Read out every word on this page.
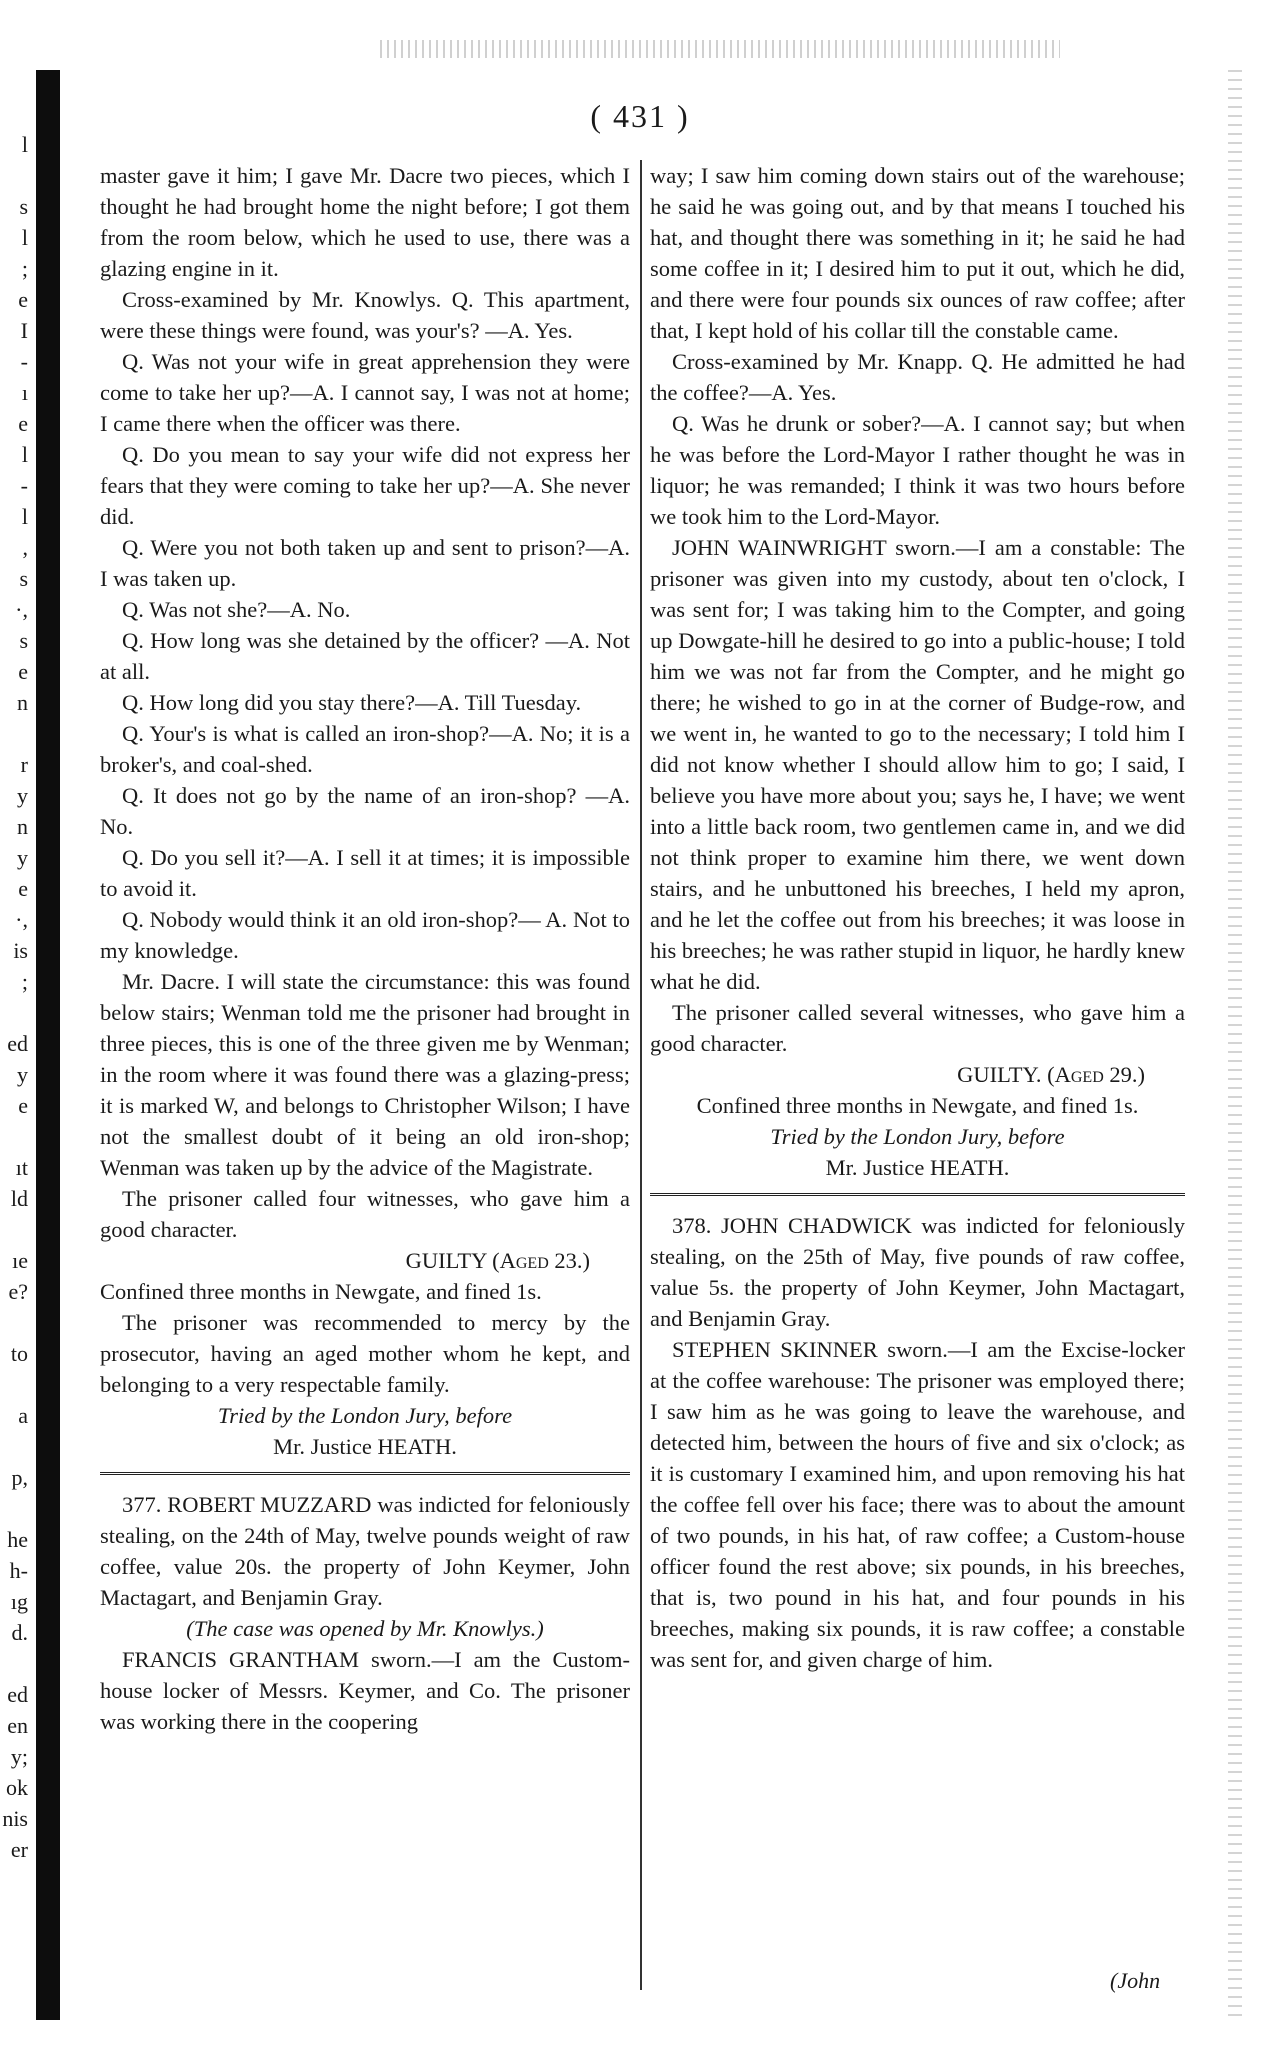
l
s
l
;
e
I
-
ı
e
l
-
l
,
s
·,
s
e
n
r
y
n
y
e
·,
is
;
ed
y
e
ıt
ld
ıe
e?
to
a
p,
he
h-
ıg
d.
ed
en
y;
ok
nis
er
( 431 )

master gave it him; I gave Mr. Dacre two pieces, which I thought he had brought home the night before; I got them from the room below, which he used to use, there was a glazing engine in it.

Cross-examined by Mr. Knowlys. Q. This apartment, were these things were found, was your's? —A. Yes.

Q. Was not your wife in great apprehension they were come to take her up?—A. I cannot say, I was not at home; I came there when the officer was there.

Q. Do you mean to say your wife did not express her fears that they were coming to take her up?—A. She never did.

Q. Were you not both taken up and sent to prison?—A. I was taken up.

Q. Was not she?—A. No.

Q. How long was she detained by the officer? —A. Not at all.

Q. How long did you stay there?—A. Till Tuesday.

Q. Your's is what is called an iron-shop?—A. No; it is a broker's, and coal-shed.

Q. It does not go by the name of an iron-shop? —A. No.

Q. Do you sell it?—A. I sell it at times; it is impossible to avoid it.

Q. Nobody would think it an old iron-shop?— A. Not to my knowledge.

Mr. Dacre. I will state the circumstance: this was found below stairs; Wenman told me the prisoner had brought in three pieces, this is one of the three given me by Wenman; in the room where it was found there was a glazing-press; it is marked W, and belongs to Christopher Wilson; I have not the smallest doubt of it being an old iron-shop; Wenman was taken up by the advice of the Magistrate.

The prisoner called four witnesses, who gave him a good character.

GUILTY (Aged 23.)

Confined three months in Newgate, and fined 1s.

The prisoner was recommended to mercy by the prosecutor, having an aged mother whom he kept, and belonging to a very respectable family.

Tried by the London Jury, before

Mr. Justice HEATH.

377. ROBERT MUZZARD was indicted for feloniously stealing, on the 24th of May, twelve pounds weight of raw coffee, value 20s. the property of John Keymer, John Mactagart, and Benjamin Gray.

(The case was opened by Mr. Knowlys.)

FRANCIS GRANTHAM sworn.—I am the Custom-house locker of Messrs. Keymer, and Co. The prisoner was working there in the coopering

way; I saw him coming down stairs out of the warehouse; he said he was going out, and by that means I touched his hat, and thought there was something in it; he said he had some coffee in it; I desired him to put it out, which he did, and there were four pounds six ounces of raw coffee; after that, I kept hold of his collar till the constable came.

Cross-examined by Mr. Knapp. Q. He admitted he had the coffee?—A. Yes.

Q. Was he drunk or sober?—A. I cannot say; but when he was before the Lord-Mayor I rather thought he was in liquor; he was remanded; I think it was two hours before we took him to the Lord-Mayor.

JOHN WAINWRIGHT sworn.—I am a constable: The prisoner was given into my custody, about ten o'clock, I was sent for; I was taking him to the Compter, and going up Dowgate-hill he desired to go into a public-house; I told him we was not far from the Compter, and he might go there; he wished to go in at the corner of Budge-row, and we went in, he wanted to go to the necessary; I told him I did not know whether I should allow him to go; I said, I believe you have more about you; says he, I have; we went into a little back room, two gentlemen came in, and we did not think proper to examine him there, we went down stairs, and he unbuttoned his breeches, I held my apron, and he let the coffee out from his breeches; it was loose in his breeches; he was rather stupid in liquor, he hardly knew what he did.

The prisoner called several witnesses, who gave him a good character.

GUILTY. (Aged 29.)

Confined three months in Newgate, and fined 1s.

Tried by the London Jury, before

Mr. Justice HEATH.

378. JOHN CHADWICK was indicted for feloniously stealing, on the 25th of May, five pounds of raw coffee, value 5s. the property of John Keymer, John Mactagart, and Benjamin Gray.

STEPHEN SKINNER sworn.—I am the Excise-locker at the coffee warehouse: The prisoner was employed there; I saw him as he was going to leave the warehouse, and detected him, between the hours of five and six o'clock; as it is customary I examined him, and upon removing his hat the coffee fell over his face; there was to about the amount of two pounds, in his hat, of raw coffee; a Custom-house officer found the rest above; six pounds, in his breeches, that is, two pound in his hat, and four pounds in his breeches, making six pounds, it is raw coffee; a constable was sent for, and given charge of him.

(John
